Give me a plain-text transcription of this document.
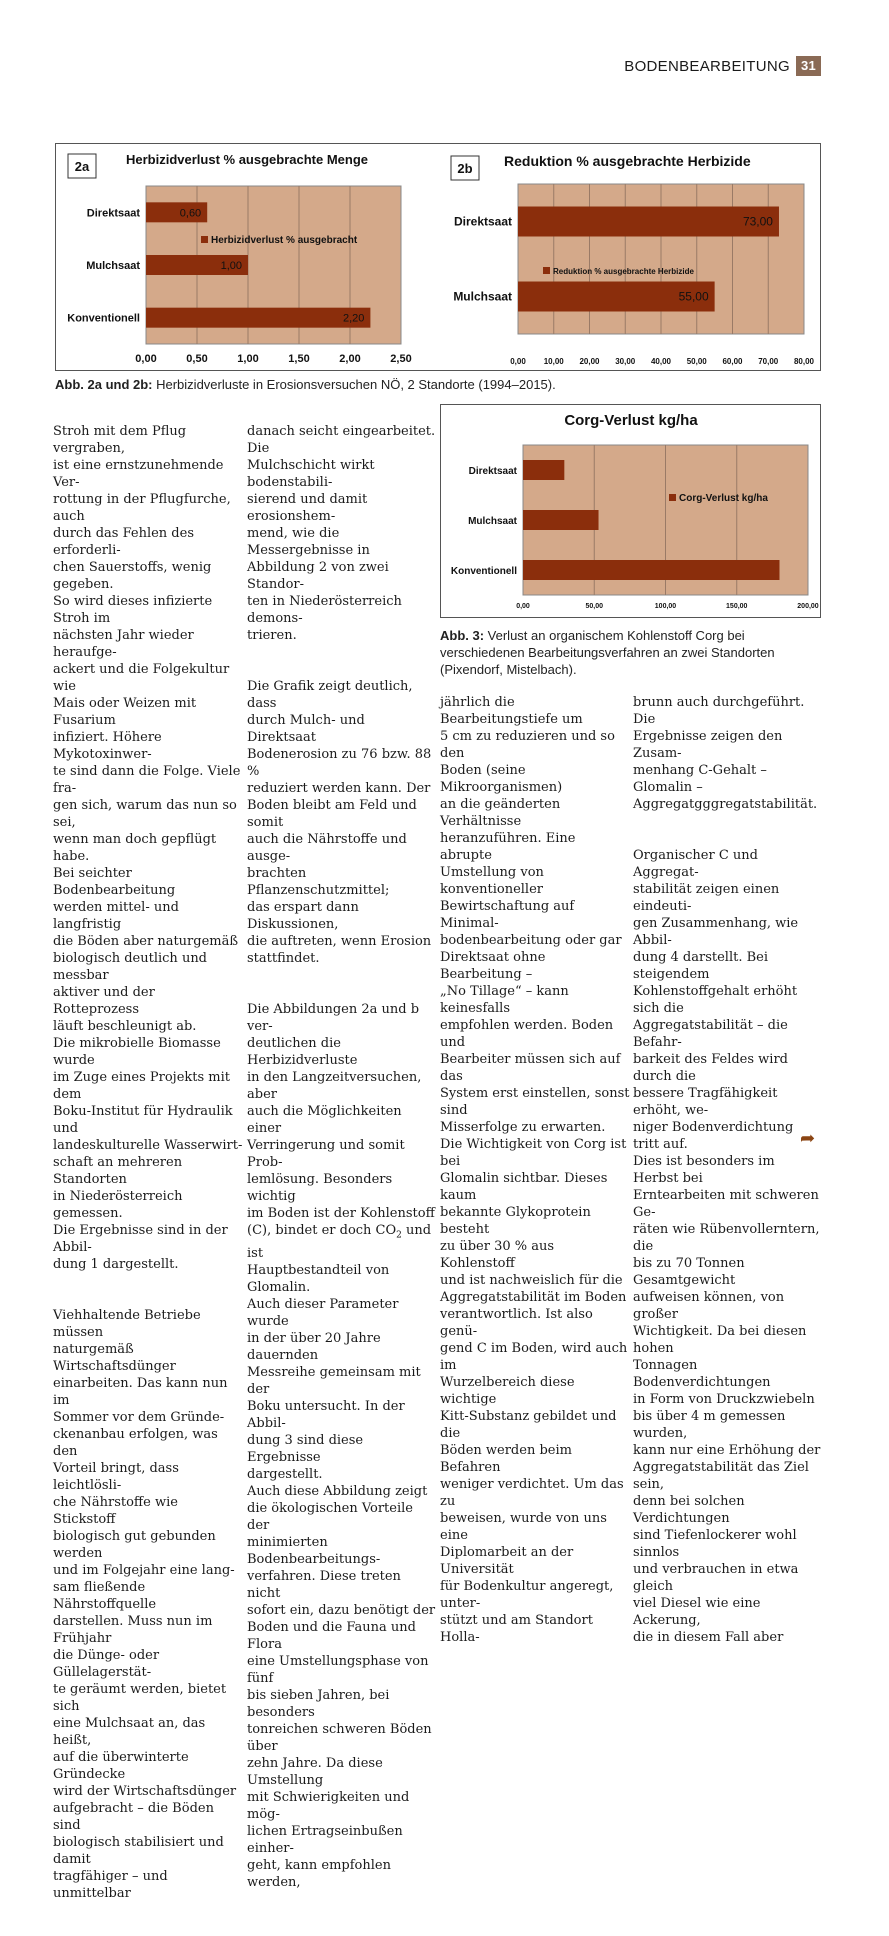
BODENBEARBEITUNG 31
0,00	0,50	1,00	1,50	2,00	2,50
Herbizidverlust % ausgebrachte Menge
2a
Direktsaat	0,60
Mulchsaat	1,00
Konventionell	2,20
Herbizidverlust % ausgebracht
0,00 10,00 20,00 30,00 40,00 50,00 60,00 70,00 80,00
Reduktion % ausgebrachte Herbizide
2b
Direktsaat	73,00
Mulchsaat	55,00
Reduktion % ausgebrachte Herbizide
Abb. 2a und 2b: Herbizidverluste in Erosionsversuchen NÖ, 2 Standorte (1994–2015).
0,00	50,00	100,00	150,00	200,00
Corg-Verlust kg/ha
Direktsaat
Mulchsaat
Konventionell
Corg-Verlust kg/ha
Abb. 3: Verlust an organischem Kohlenstoff Corg bei verschiedenen Bearbeitungsverfahren an zwei Standorten (Pixendorf, Mistelbach).

Stroh mit dem Pflug vergraben,
ist eine ernstzunehmende Ver-
rottung in der Pflugfurche, auch
durch das Fehlen des erforderli-
chen Sauerstoffs, wenig gegeben.
So wird dieses infizierte Stroh im
nächsten Jahr wieder heraufge-
ackert und die Folgekultur wie
Mais oder Weizen mit Fusarium
infiziert. Höhere Mykotoxinwer-
te sind dann die Folge. Viele fra-
gen sich, warum das nun so sei,
wenn man doch gepflügt habe.
Bei seichter Bodenbearbeitung
werden mittel- und langfristig
die Böden aber naturgemäß
biologisch deutlich und messbar
aktiver und der Rotteprozess
läuft beschleunigt ab.
Die mikrobielle Biomasse wurde
im Zuge eines Projekts mit dem
Boku-Institut für Hydraulik und
landeskulturelle Wasserwirt-
schaft an mehreren Standorten
in Niederösterreich gemessen.
Die Ergebnisse sind in der Abbil-
dung 1 dargestellt.

Viehhaltende Betriebe müssen
naturgemäß Wirtschaftsdünger
einarbeiten. Das kann nun im
Sommer vor dem Gründe-
ckenanbau erfolgen, was den
Vorteil bringt, dass leichtlösli-
che Nährstoffe wie Stickstoff
biologisch gut gebunden werden
und im Folgejahr eine lang-
sam fließende Nährstoffquelle
darstellen. Muss nun im Frühjahr
die Dünge- oder Güllelagerstät-
te geräumt werden, bietet sich
eine Mulchsaat an, das heißt,
auf die überwinterte Gründecke
wird der Wirtschaftsdünger
aufgebracht – die Böden sind
biologisch stabilisiert und damit
tragfähiger – und unmittelbar

danach seicht eingearbeitet. Die
Mulchschicht wirkt bodenstabili-
sierend und damit erosionshem-
mend, wie die Messergebnisse in
Abbildung 2 von zwei Standor-
ten in Niederösterreich demons-
trieren.

Die Grafik zeigt deutlich, dass
durch Mulch- und Direktsaat
Bodenerosion zu 76 bzw. 88 %
reduziert werden kann. Der
Boden bleibt am Feld und somit
auch die Nährstoffe und ausge-
brachten Pflanzenschutzmittel;
das erspart dann Diskussionen,
die auftreten, wenn Erosion
stattfindet.

Die Abbildungen 2a und b ver-
deutlichen die Herbizidverluste
in den Langzeitversuchen, aber
auch die Möglichkeiten einer
Verringerung und somit Prob-
lemlösung. Besonders wichtig
im Boden ist der Kohlenstoff
(C), bindet er doch $CO_2$ und ist
Hauptbestandteil von Glomalin.
Auch dieser Parameter wurde
in der über 20 Jahre dauernden
Messreihe gemeinsam mit der
Boku untersucht. In der Abbil-
dung 3 sind diese Ergebnisse
dargestellt.
Auch diese Abbildung zeigt
die ökologischen Vorteile der
minimierten Bodenbearbeitungs-
verfahren. Diese treten nicht
sofort ein, dazu benötigt der
Boden und die Fauna und Flora
eine Umstellungsphase von fünf
bis sieben Jahren, bei besonders
tonreichen schweren Böden über
zehn Jahre. Da diese Umstellung
mit Schwierigkeiten und mög-
lichen Ertragseinbußen einher-
geht, kann empfohlen werden,

jährlich die Bearbeitungstiefe um
5 cm zu reduzieren und so den
Boden (seine Mikroorganismen)
an die geänderten Verhältnisse
heranzuführen. Eine abrupte
Umstellung von konventioneller
Bewirtschaftung auf Minimal-
bodenbearbeitung oder gar
Direktsaat ohne Bearbeitung –
„No Tillage“ – kann keinesfalls
empfohlen werden. Boden und
Bearbeiter müssen sich auf das
System erst einstellen, sonst sind
Misserfolge zu erwarten.
Die Wichtigkeit von Corg ist bei
Glomalin sichtbar. Dieses kaum
bekannte Glykoprotein besteht
zu über 30 % aus Kohlenstoff
und ist nachweislich für die
Aggregatstabilität im Boden
verantwortlich. Ist also genü-
gend C im Boden, wird auch im
Wurzelbereich diese wichtige
Kitt-Substanz gebildet und die
Böden werden beim Befahren
weniger verdichtet. Um das zu
beweisen, wurde von uns eine
Diplomarbeit an der Universität
für Bodenkultur angeregt, unter-
stützt und am Standort Holla-

brunn auch durchgeführt. Die
Ergebnisse zeigen den Zusam-
menhang C-Gehalt – Glomalin –
Aggregatgggregatstabilität.

Organischer C und Aggregat-
stabilität zeigen einen eindeuti-
gen Zusammenhang, wie Abbil-
dung 4 darstellt. Bei steigendem
Kohlenstoffgehalt erhöht sich die
Aggregatstabilität – die Befahr-
barkeit des Feldes wird durch die
bessere Tragfähigkeit erhöht, we-
niger Bodenverdichtung tritt auf.
Dies ist besonders im Herbst bei
Erntearbeiten mit schweren Ge-
räten wie Rübenvollerntern, die
bis zu 70 Tonnen Gesamtgewicht
aufweisen können, von großer
Wichtigkeit. Da bei diesen hohen
Tonnagen Bodenverdichtungen
in Form von Druckzwiebeln
bis über 4 m gemessen wurden,
kann nur eine Erhöhung der
Aggregatstabilität das Ziel sein,
denn bei solchen Verdichtungen
sind Tiefenlockerer wohl sinnlos
und verbrauchen in etwa gleich
viel Diesel wie eine Ackerung,
die in diesem Fall aber

➦
